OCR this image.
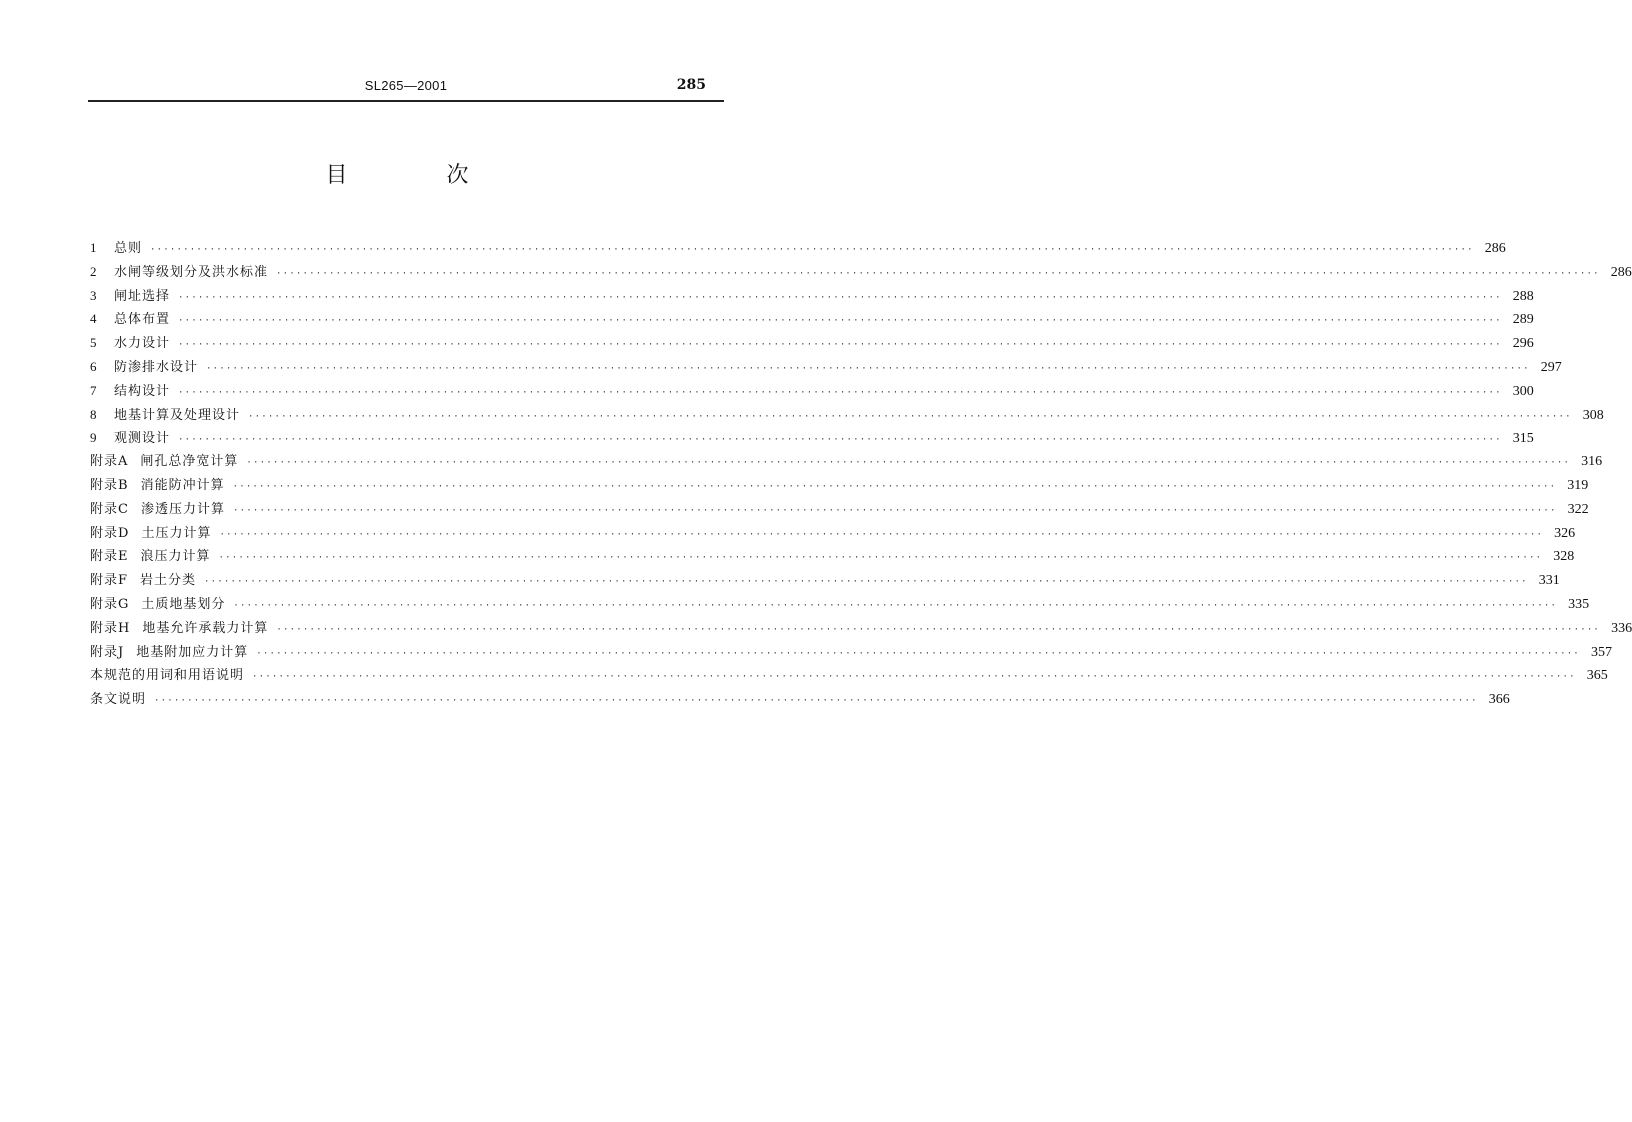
SL265—2001	285
目 次
1	总则 ········································································································································································································ 286
2	水闸等级划分及洪水标准 ········································································································································································································ 286
3	闸址选择 ········································································································································································································ 288
4	总体布置 ········································································································································································································ 289
5	水力设计 ········································································································································································································ 296
6	防渗排水设计 ········································································································································································································ 297
7	结构设计 ········································································································································································································ 300
8	地基计算及处理设计 ········································································································································································································ 308
9	观测设计 ········································································································································································································ 315
附录A 闸孔总净宽计算 ········································································································································································································ 316
附录B 消能防冲计算 ········································································································································································································ 319
附录C 渗透压力计算 ········································································································································································································ 322
附录D 土压力计算 ········································································································································································································ 326
附录E 浪压力计算 ········································································································································································································ 328
附录F 岩土分类 ········································································································································································································ 331
附录G 土质地基划分 ········································································································································································································ 335
附录H 地基允许承载力计算 ········································································································································································································ 336
附录J 地基附加应力计算 ········································································································································································································ 357
本规范的用词和用语说明 ········································································································································································································ 365
条文说明 ········································································································································································································ 366
